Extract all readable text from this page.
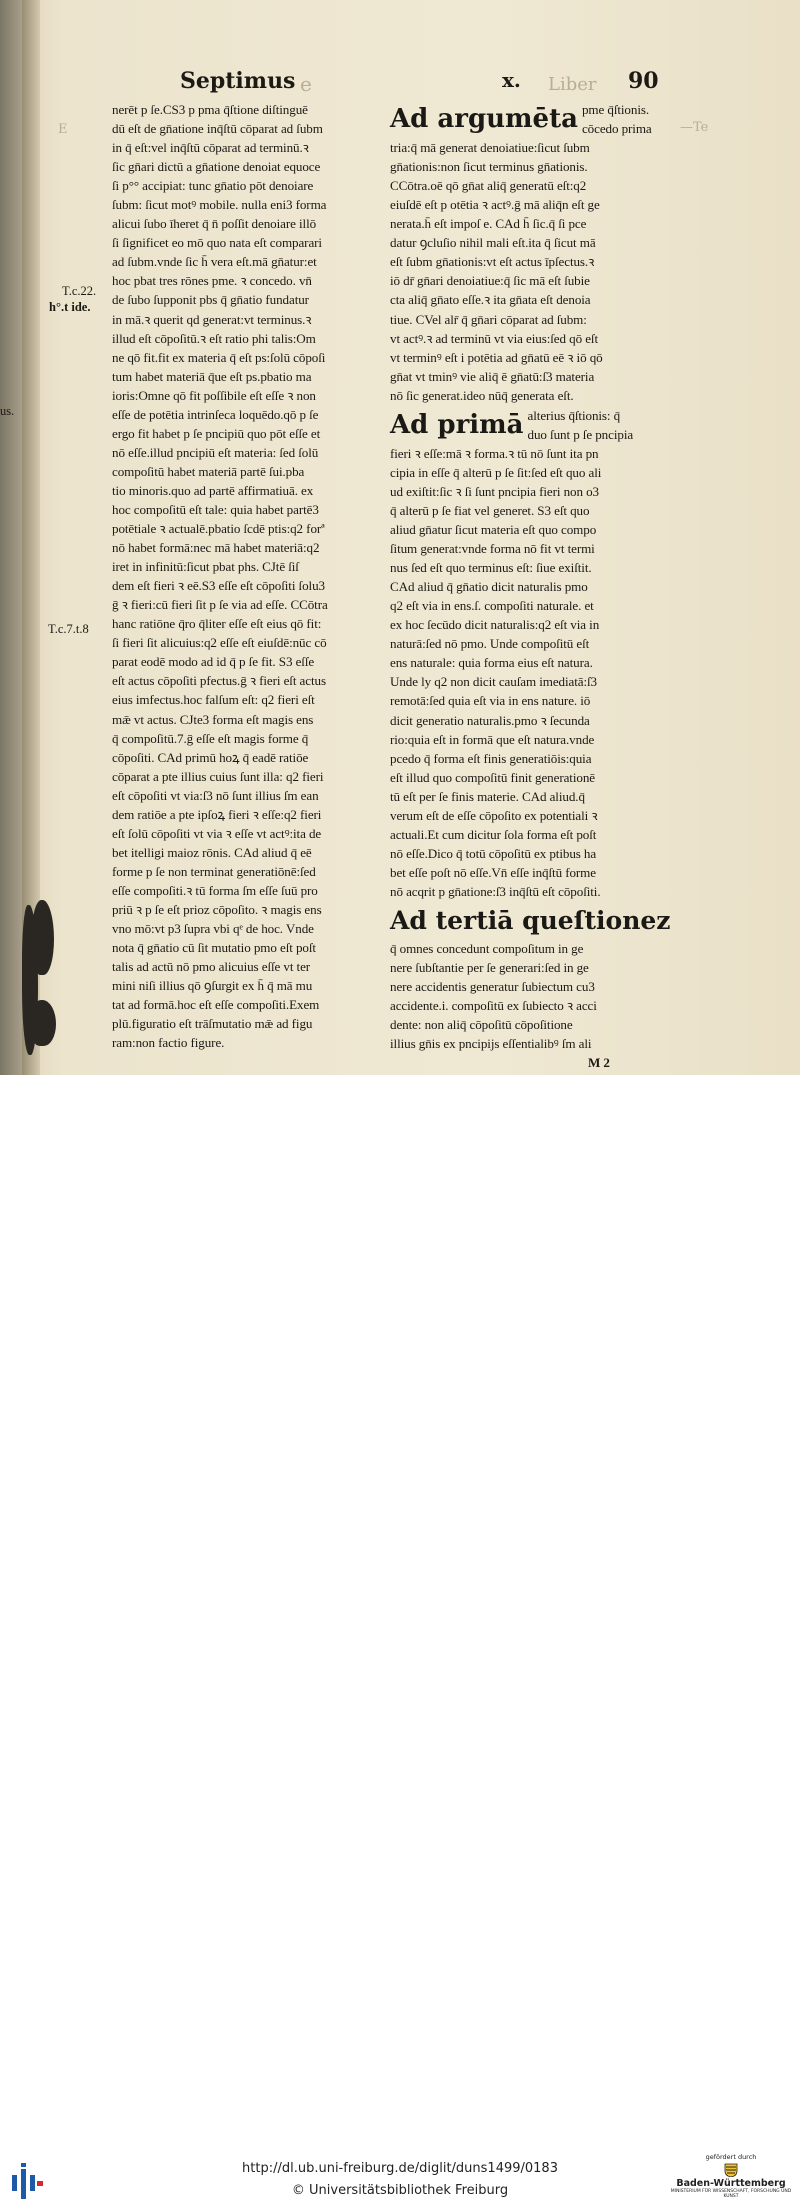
us.
e	Liber
—Te
E
Septimus	x.	90
T.c.22.
h°.t ide.
T.c.7.t.8

nerēt p ſe.CS3 p pma q̄ſtione diſtinguē

dū eſt de gn̄atione inq̄ſtū cōparat ad ſubm

in q̄ eſt:vel inq̄ſtū cōparat ad terminū.ꝛ

ſic gn̄ari dictū a gn̄atione denoiat equoce

ſi p°° accipiat: tunc gn̄atio pōt denoiare

ſubm: ſicut motꝰ mobile. nulla eni3 forma

alicui ſubo īheret q̄ n̄ poſſit denoiare illō

ſi ſignificet eo mō quo nata eſt comparari

ad ſubm.vnde ſic h̄ vera eſt.mā gn̄atur:et

hoc pbat tres rōnes pme. ꝛ concedo. vn̄

de ſubo ſupponit pbs q̄ gn̄atio fundatur

in mā.ꝛ querit qd generat:vt terminus.ꝛ

illud eſt cōpoſitū.ꝛ eſt ratio phi talis:Om

ne qō fit.fit ex materia q̄ eſt ps:ſolū cōpoſi

tum habet materiā q̄ue eſt ps.pbatio ma

ioris:Omne qō fit poſſibile eſt eſſe ꝛ non

eſſe de potētia intrinſeca loquēdo.qō p ſe

ergo fit habet p ſe pncipiū quo pōt eſſe et

nō eſſe.illud pncipiū eſt materia: ſed ſolū

compoſitū habet materiā partē ſui.pba

tio minoris.quo ad partē affirmatiuā. ex

hoc compoſitū eſt tale: quia habet partē3

potētiale ꝛ actualē.pbatio ſcdē ptis:q2 forª

nō habet formā:nec mā habet materiā:q2

iret in infinitū:ſicut pbat phs. CJtē ſiſ

dem eſt fieri ꝛ eē.S3 eſſe eſt cōpoſiti ſolu3

ḡ ꝛ fieri:cū fieri ſit p ſe via ad eſſe. CCōtra

hanc ratiōne q̄ro q̄liter eſſe eſt eius qō fit:

ſi fieri ſit alicuius:q2 eſſe eſt eiuſdē:nūc cō

parat eodē modo ad id q̄ p ſe fit. S3 eſſe

eſt actus cōpoſiti pfectus.ḡ ꝛ fieri eſt actus

eius imfectus.hoc falſum eſt: q2 fieri eſt

mǣ vt actus. CJte3 forma eſt magis ens

q̄ compoſitū.7.ḡ eſſe eſt magis forme q̄

cōpoſiti. CAd primū hoꝝ q̄ eadē ratiōe

cōparat a pte illius cuius ſunt illa: q2 fieri

eſt cōpoſiti vt via:ſ3 nō ſunt illius ſm ean

dem ratiōe a pte ipſoꝝ fieri ꝛ eſſe:q2 fieri

eſt ſolū cōpoſiti vt via ꝛ eſſe vt actꝰ:ita de

bet itelligi maioz rōnis. CAd aliud q̄ eē

forme p ſe non terminat generatiōnē:ſed

eſſe compoſiti.ꝛ tū forma ſm eſſe ſuū pro

priū ꝛ p ſe eſt prioz cōpoſito. ꝛ magis ens

vno mō:vt p3 ſupra vbi qᵉ de hoc. Vnde

nota q̄ gn̄atio cū ſit mutatio pmo eſt poſt

talis ad actū nō pmo alicuius eſſe vt ter

mini niſi illius qō ꝯſurgit ex h̄ q̄ mā mu

tat ad formā.hoc eſt eſſe compoſiti.Exem

plū.figuratio eſt trāſmutatio mǣ ad figu

ram:non factio figure.

Ad argumēta pme q̄ſtionis.

cōcedo prima

tria:q̄ mā generat denoiatiue:ſicut ſubm

gn̄ationis:non ſicut terminus gn̄ationis.

CCōtra.oē qō gn̄at aliq̄ generatū eſt:q2

eiuſdē eſt p otētia ꝛ actꝰ.ḡ mā aliq̄n eſt ge

nerata.h̄ eſt impoſ e. CAd h̄ ſic.q̄ ſi pce

datur ꝯcluſio nihil mali eſt.ita q̄ ſicut mā

eſt ſubm gn̄ationis:vt eſt actus īpſectus.ꝛ

iō dr̄ gn̄ari denoiatiue:q̄ ſic mā eſt ſubie

cta aliq̄ gn̄ato eſſe.ꝛ ita gn̄ata eſt denoia

tiue. CVel alr̄ q̄ gn̄ari cōparat ad ſubm:

vt actꝰ.ꝛ ad terminū vt via eius:ſed qō eſt

vt terminꝰ eſt i potētia ad gn̄atū eē ꝛ iō qō

gn̄at vt tminꝰ vie aliq̄ ē gn̄atū:ſ3 materia

nō ſic generat.ideo nūq̄ generata eſt.

Ad primā alterius q̄ſtionis: q̄

duo ſunt p ſe pncipia

fieri ꝛ eſſe:mā ꝛ forma.ꝛ tū nō ſunt ita pn

cipia in eſſe q̄ alterū p ſe ſit:ſed eſt quo ali

ud exiſtit:ſic ꝛ ſi ſunt pncipia fieri non o3

q̄ alterū p ſe fiat vel generet. S3 eſt quo

aliud gn̄atur ſicut materia eſt quo compo

ſitum generat:vnde forma nō fit vt termi

nus ſed eſt quo terminus eſt: ſiue exiſtit.

CAd aliud q̄ gn̄atio dicit naturalis pmo

q2 eſt via in ens.ſ. compoſiti naturale. et

ex hoc ſecūdo dicit naturalis:q2 eſt via in

naturā:ſed nō pmo. Unde compoſitū eſt

ens naturale: quia forma eius eſt natura.

Unde ly q2 non dicit cauſam imediatā:ſ3

remotā:ſed quia eſt via in ens nature. iō

dicit generatio naturalis.pmo ꝛ ſecunda

rio:quia eſt in formā que eſt natura.vnde

pcedo q̄ forma eſt finis generatiōis:quia

eſt illud quo compoſitū finit generationē

tū eſt per ſe finis materie. CAd aliud.q̄

verum eſt de eſſe cōpoſito ex potentiali ꝛ

actuali.Et cum dicitur ſola forma eſt poſt

nō eſſe.Dico q̄ totū cōpoſitū ex ptibus ha

bet eſſe poſt nō eſſe.Vn̄ eſſe inq̄ſtū forme

nō acqrit p gn̄atione:ſ3 inq̄ſtū eſt cōpoſiti.

Ad tertiā queſtionez

q̄ omnes concedunt compoſitum in ge

nere ſubſtantie per ſe generari:ſed in ge

nere accidentis generatur ſubiectum cu3

accidente.i. compoſitū ex ſubiecto ꝛ acci

dente: non aliq̄ cōpoſitū cōpoſitione

illius gn̄is ex pncipijs eſſentialibꝰ ſm ali

M 2

http://dl.ub.uni-freiburg.de/diglit/duns1499/0183
© Universitätsbibliothek Freiburg
gefördert durch
Baden-Württemberg
MINISTERIUM FÜR WISSENSCHAFT, FORSCHUNG UND KUNST
